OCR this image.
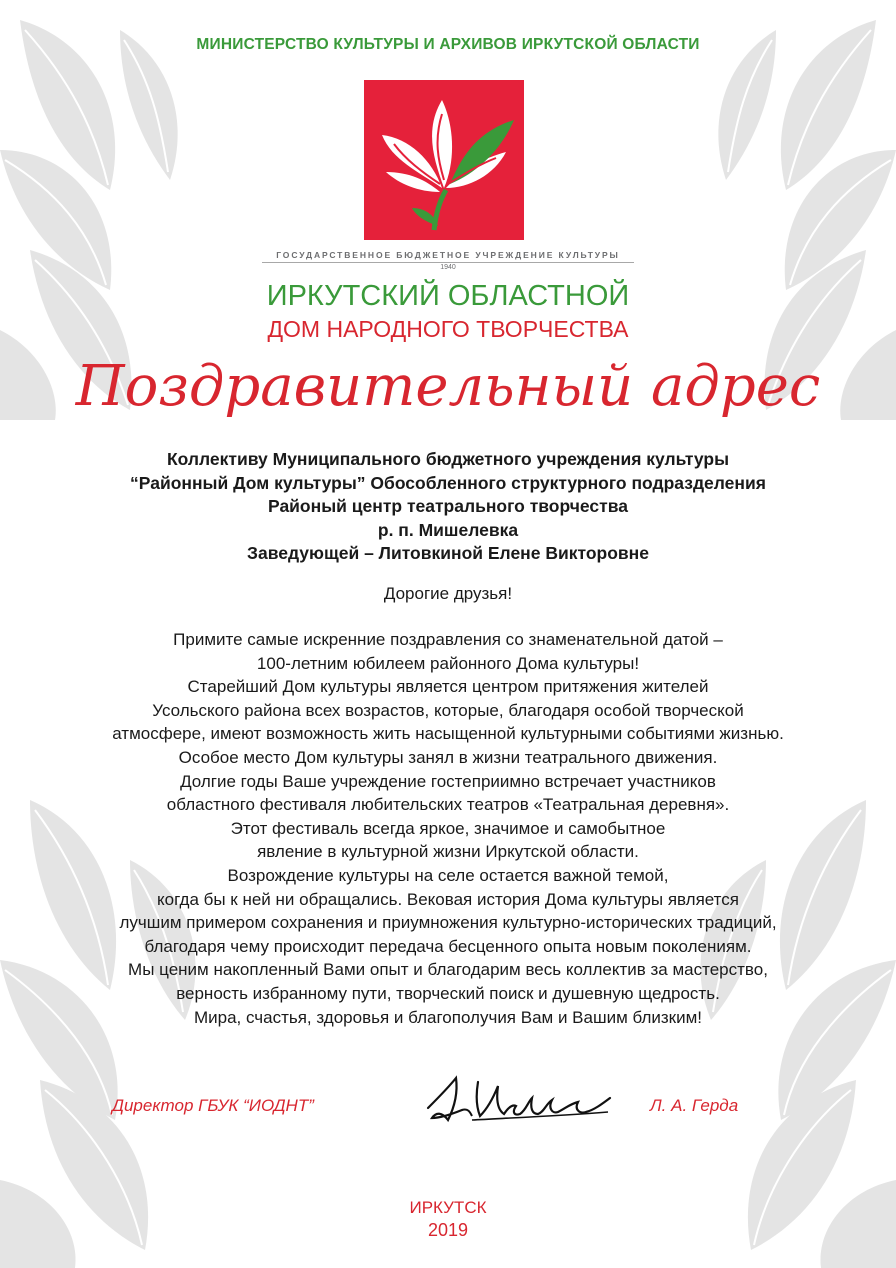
МИНИСТЕРСТВО КУЛЬТУРЫ И АРХИВОВ ИРКУТСКОЙ ОБЛАСТИ
ГОСУДАРСТВЕННОЕ БЮДЖЕТНОЕ УЧРЕЖДЕНИЕ КУЛЬТУРЫ
1940
ИРКУТСКИЙ ОБЛАСТНОЙ
ДОМ НАРОДНОГО ТВОРЧЕСТВА
Поздравительный адрес
Коллективу Муниципального бюджетного учреждения культуры
“Районный Дом культуры” Обособленного структурного подразделения
Районый центр театрального творчества
р. п. Мишелевка
Заведующей – Литовкиной Елене Викторовне
Дорогие друзья!
Примите самые искренние поздравления со знаменательной датой –
100-летним юбилеем районного Дома культуры!
Старейший Дом культуры является центром притяжения жителей
Усольского района всех возрастов, которые, благодаря особой творческой
атмосфере, имеют возможность жить насыщенной культурными событиями жизнью.
Особое место Дом культуры занял в жизни театрального движения.
Долгие годы Ваше учреждение гостеприимно встречает участников
областного фестиваля любительских театров «Театральная деревня».
Этот фестиваль всегда яркое, значимое и самобытное
явление в культурной жизни Иркутской области.
Возрождение культуры на селе остается важной темой,
когда бы к ней ни обращались. Вековая история Дома культуры является
лучшим примером сохранения и приумножения культурно-исторических традиций,
благодаря чему происходит передача бесценного опыта новым поколениям.
Мы ценим накопленный Вами опыт и благодарим весь коллектив за мастерство,
верность избранному пути, творческий поиск и душевную щедрость.
Мира, счастья, здоровья и благополучия Вам и Вашим близким!
Директор ГБУК “ИОДНТ”	Л. А. Герда
ИРКУТСК
2019
